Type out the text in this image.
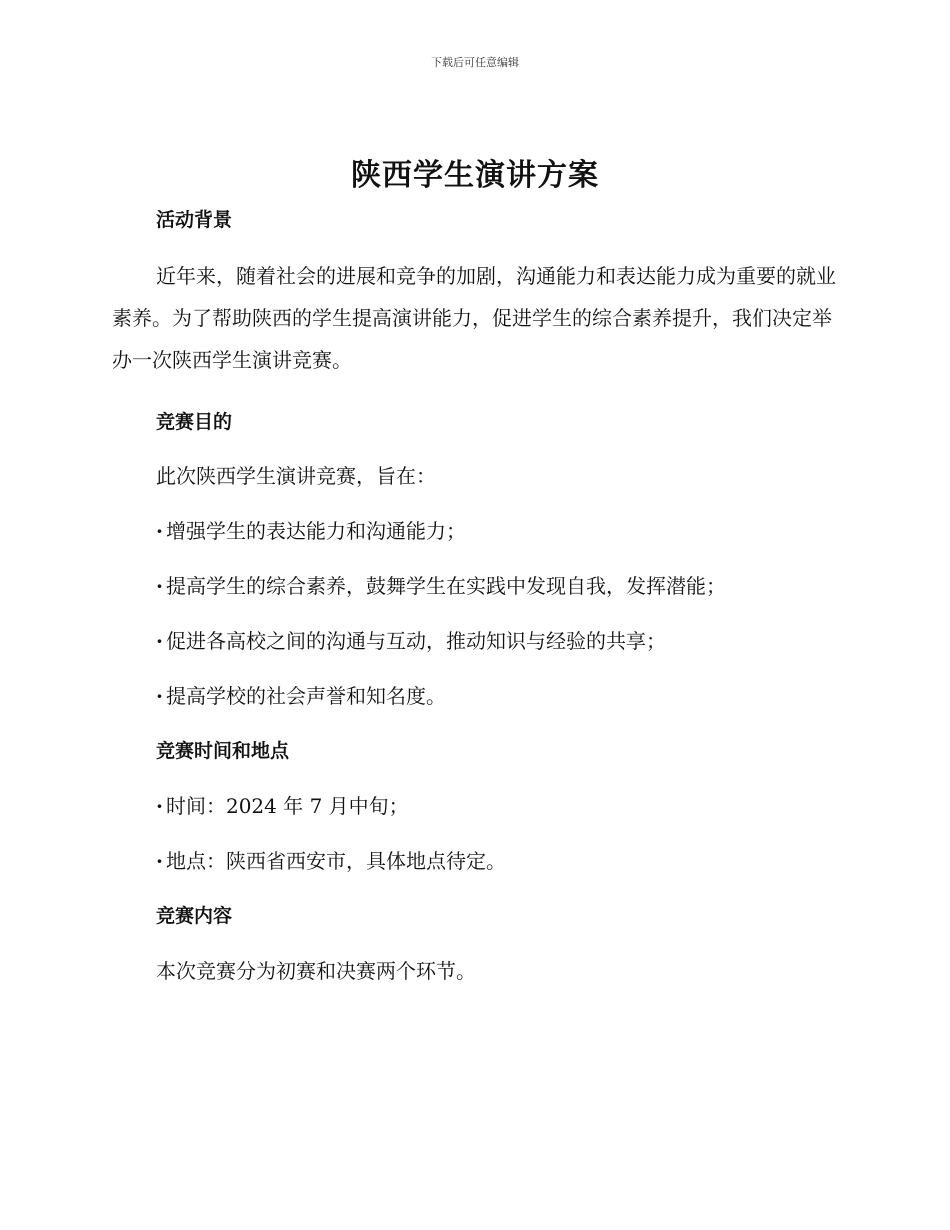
下载后可任意编辑
陕西学生演讲方案
活动背景

近年来，随着社会的进展和竞争的加剧，沟通能力和表达能力成为重要的就业素养。为了帮助陕西的学生提高演讲能力，促进学生的综合素养提升，我们决定举办一次陕西学生演讲竞赛。

竞赛目的

此次陕西学生演讲竞赛，旨在：

· 增强学生的表达能力和沟通能力；

· 提高学生的综合素养，鼓舞学生在实践中发现自我，发挥潜能；

· 促进各高校之间的沟通与互动，推动知识与经验的共享；

· 提高学校的社会声誉和知名度。

竞赛时间和地点

· 时间：2024 年 7 月中旬；

· 地点：陕西省西安市，具体地点待定。

竞赛内容

本次竞赛分为初赛和决赛两个环节。
